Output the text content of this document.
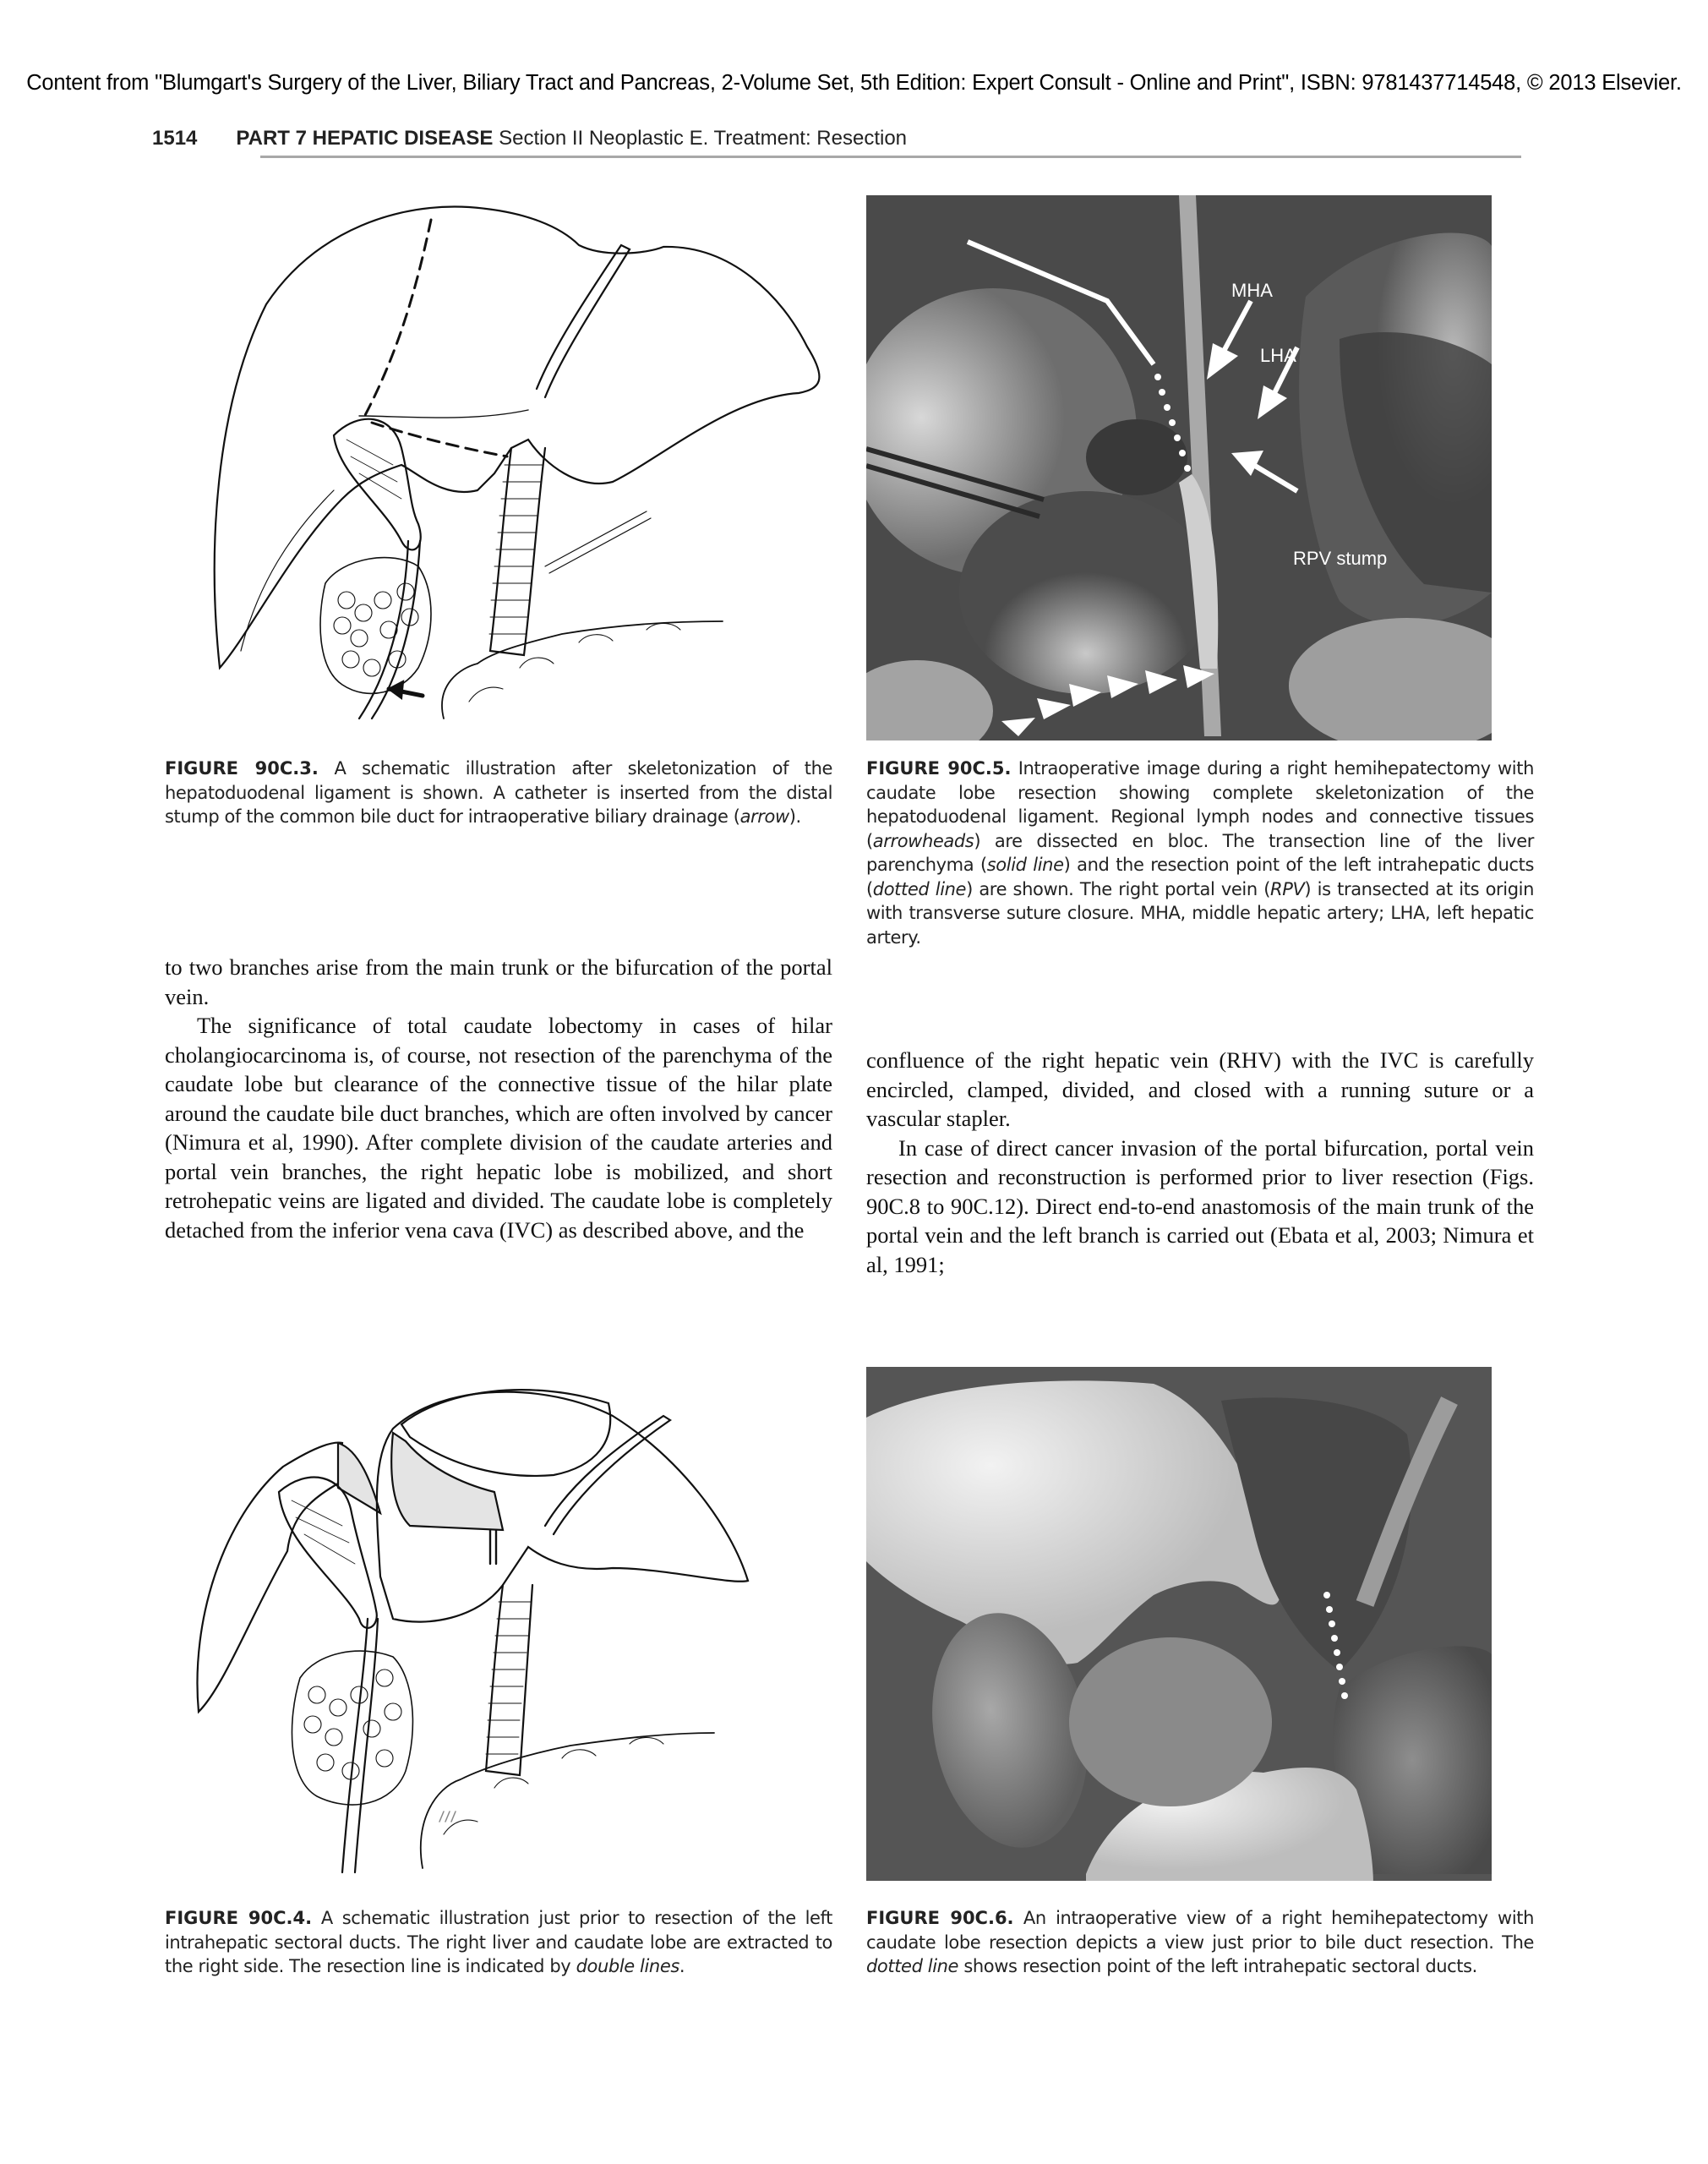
Content from "Blumgart's Surgery of the Liver, Biliary Tract and Pancreas, 2-Volume Set, 5th Edition: Expert Consult - Online and Print", ISBN: 9781437714548, © 2013 Elsevier.
1514 PART 7 HEPATIC DISEASE Section II Neoplastic E. Treatment: Resection
MHA
LHA
RPV stump
FIGURE 90C.3. A schematic illustration after skeletonization of the hepatoduodenal ligament is shown. A catheter is inserted from the distal stump of the common bile duct for intraoperative biliary drainage (arrow).
FIGURE 90C.5. Intraoperative image during a right hemihepatectomy with caudate lobe resection showing complete skeletonization of the hepatoduodenal ligament. Regional lymph nodes and connective tissues (arrowheads) are dissected en bloc. The transection line of the liver parenchyma (solid line) and the resection point of the left intrahepatic ducts (dotted line) are shown. The right portal vein (RPV) is transected at its origin with transverse suture closure. MHA, middle hepatic artery; LHA, left hepatic artery.

to two branches arise from the main trunk or the bifurcation of the portal vein.

The significance of total caudate lobectomy in cases of hilar cholangiocarcinoma is, of course, not resection of the parenchyma of the caudate lobe but clearance of the connective tissue of the hilar plate around the caudate bile duct branches, which are often involved by cancer (Nimura et al, 1990). After complete division of the caudate arteries and portal vein branches, the right hepatic lobe is mobilized, and short retrohepatic veins are ligated and divided. The caudate lobe is completely detached from the inferior vena cava (IVC) as described above, and the

confluence of the right hepatic vein (RHV) with the IVC is carefully encircled, clamped, divided, and closed with a running suture or a vascular stapler.

In case of direct cancer invasion of the portal bifurcation, portal vein resection and reconstruction is performed prior to liver resection (Figs. 90C.8 to 90C.12). Direct end-to-end anastomosis of the main trunk of the portal vein and the left branch is carried out (Ebata et al, 2003; Nimura et al, 1991;

FIGURE 90C.4. A schematic illustration just prior to resection of the left intrahepatic sectoral ducts. The right liver and caudate lobe are extracted to the right side. The resection line is indicated by double lines.
FIGURE 90C.6. An intraoperative view of a right hemihepatectomy with caudate lobe resection depicts a view just prior to bile duct resection. The dotted line shows resection point of the left intrahepatic sectoral ducts.
